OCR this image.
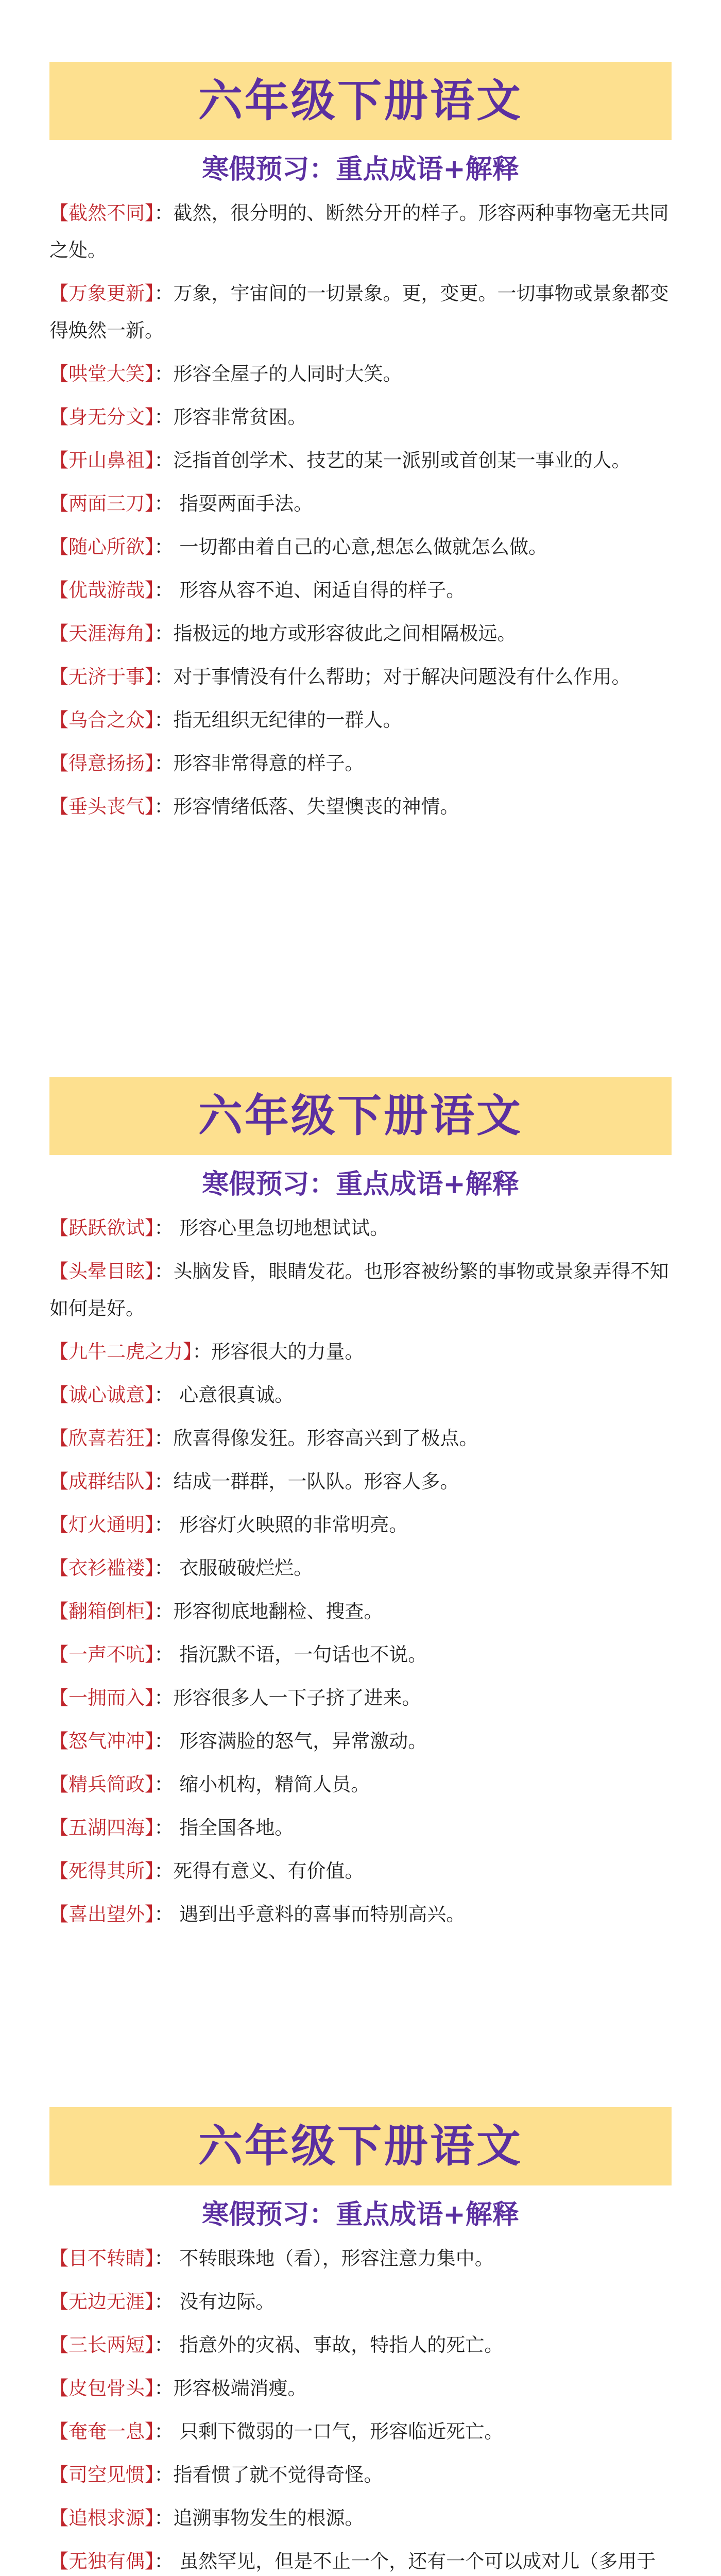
六年级下册语文
寒假预习：重点成语+解释

【截然不同】：截然，很分明的、断然分开的样子。形容两种事物毫无共同之处。

【万象更新】：万象，宇宙间的一切景象。更，变更。一切事物或景象都变得焕然一新。

【哄堂大笑】：形容全屋子的人同时大笑。

【身无分文】：形容非常贫困。

【开山鼻祖】：泛指首创学术、技艺的某一派别或首创某一事业的人。

【两面三刀】： 指耍两面手法。

【随心所欲】： 一切都由着自己的心意,想怎么做就怎么做。

【优哉游哉】： 形容从容不迫、闲适自得的样子。

【天涯海角】：指极远的地方或形容彼此之间相隔极远。

【无济于事】：对于事情没有什么帮助；对于解决问题没有什么作用。

【乌合之众】：指无组织无纪律的一群人。

【得意扬扬】：形容非常得意的样子。

【垂头丧气】：形容情绪低落、失望懊丧的神情。

六年级下册语文
寒假预习：重点成语+解释

【跃跃欲试】： 形容心里急切地想试试。

【头晕目眩】：头脑发昏，眼睛发花。也形容被纷繁的事物或景象弄得不知如何是好。

【九牛二虎之力】：形容很大的力量。

【诚心诚意】： 心意很真诚。

【欣喜若狂】：欣喜得像发狂。形容高兴到了极点。

【成群结队】：结成一群群，一队队。形容人多。

【灯火通明】： 形容灯火映照的非常明亮。

【衣衫褴褛】： 衣服破破烂烂。

【翻箱倒柜】：形容彻底地翻检、搜查。

【一声不吭】： 指沉默不语，一句话也不说。

【一拥而入】：形容很多人一下子挤了进来。

【怒气冲冲】： 形容满脸的怒气，异常激动。

【精兵简政】： 缩小机构，精简人员。

【五湖四海】： 指全国各地。

【死得其所】：死得有意义、有价值。

【喜出望外】： 遇到出乎意料的喜事而特别高兴。

六年级下册语文
寒假预习：重点成语+解释

【目不转睛】： 不转眼珠地（看），形容注意力集中。

【无边无涯】： 没有边际。

【三长两短】： 指意外的灾祸、事故，特指人的死亡。

【皮包骨头】：形容极端消瘦。

【奄奄一息】： 只剩下微弱的一口气，形容临近死亡。

【司空见惯】：指看惯了就不觉得奇怪。

【追根求源】：追溯事物发生的根源。

【无独有偶】： 虽然罕见，但是不止一个，还有一个可以成对儿（多用于
